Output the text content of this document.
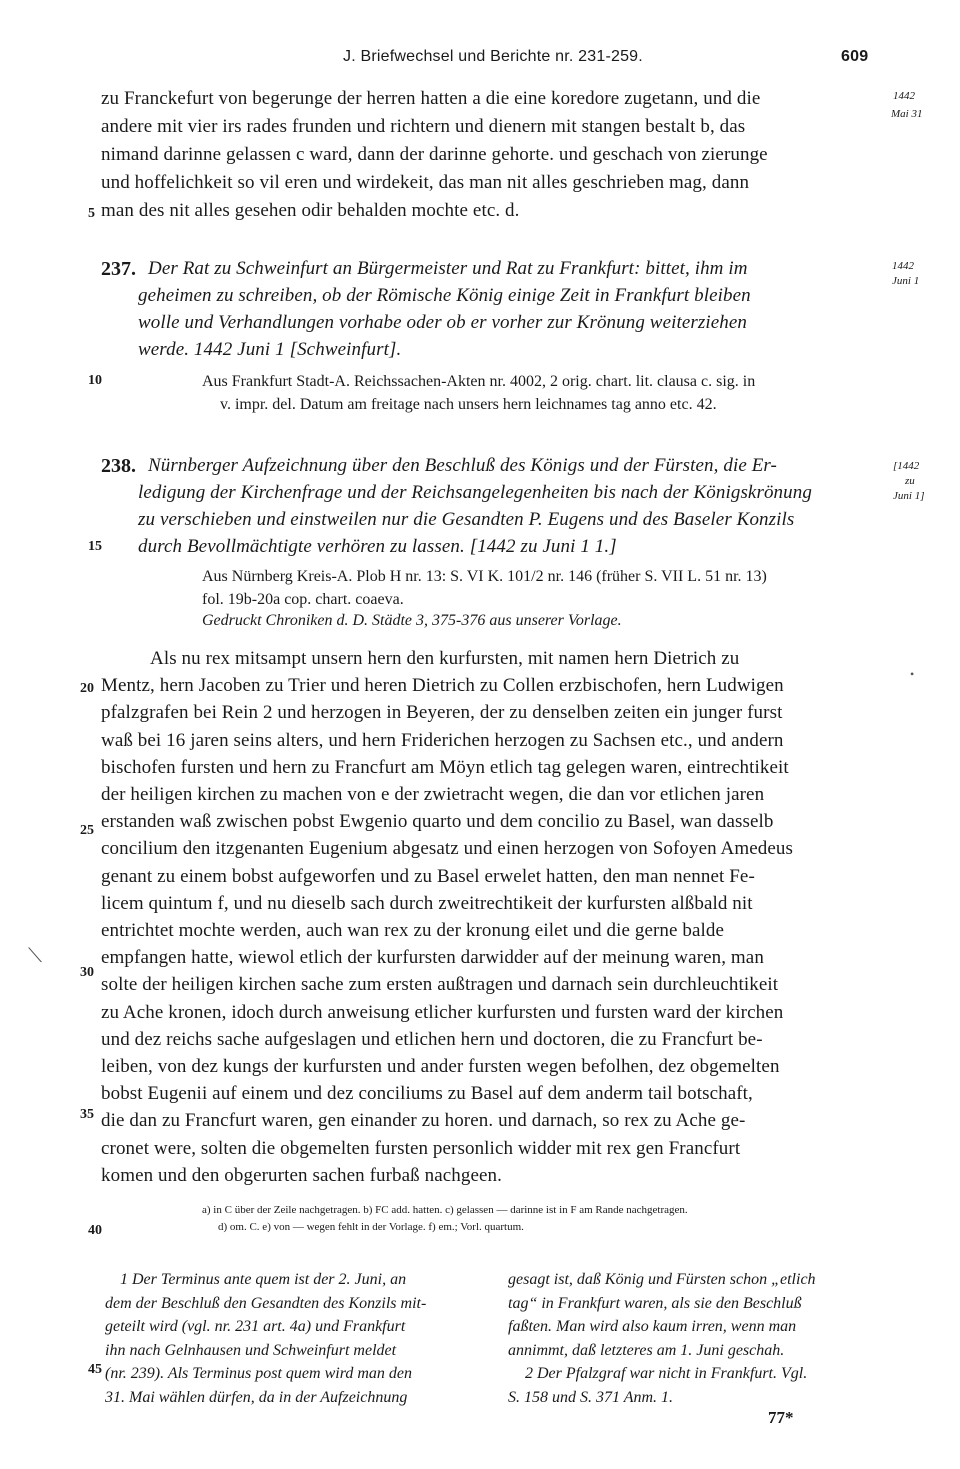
J. Briefwechsel und Berichte nr. 231-259.	609
1442
Mai 31
1442
Juni 1
[1442
zu
Juni 1]
5
10
15
20
25
30
35
40
45
zu Franckefurt von begerunge der herren hatten a die eine koredore zugetann, und die
andere mit vier irs rades frunden und richtern und dienern mit stangen bestalt b, das
nimand darinne gelassen c ward, dann der darinne gehorte. und geschach von zierunge
und hoffelichkeit so vil eren und wirdekeit, das man nit alles geschrieben mag, dann
man des nit alles gesehen odir behalden mochte etc. d.
237. Der Rat zu Schweinfurt an Bürgermeister und Rat zu Frankfurt: bittet, ihm im
geheimen zu schreiben, ob der Römische König einige Zeit in Frankfurt bleiben
wolle und Verhandlungen vorhabe oder ob er vorher zur Krönung weiterziehen
werde. 1442 Juni 1 [Schweinfurt].
Aus Frankfurt Stadt-A. Reichssachen-Akten nr. 4002, 2 orig. chart. lit. clausa c. sig. in
v. impr. del. Datum am freitage nach unsers hern leichnames tag anno etc. 42.
238. Nürnberger Aufzeichnung über den Beschluß des Königs und der Fürsten, die Er-
ledigung der Kirchenfrage und der Reichsangelegenheiten bis nach der Königskrönung
zu verschieben und einstweilen nur die Gesandten P. Eugens und des Baseler Konzils
durch Bevollmächtigte verhören zu lassen. [1442 zu Juni 1 1.]
Aus Nürnberg Kreis-A. Plob H nr. 13: S. VI K. 101/2 nr. 146 (früher S. VII L. 51 nr. 13)
fol. 19b-20a cop. chart. coaeva.
Gedruckt Chroniken d. D. Städte 3, 375-376 aus unserer Vorlage.
Als nu rex mitsampt unsern hern den kurfursten, mit namen hern Dietrich zu
Mentz, hern Jacoben zu Trier und heren Dietrich zu Collen erzbischofen, hern Ludwigen
pfalzgrafen bei Rein 2 und herzogen in Beyeren, der zu denselben zeiten ein junger furst
waß bei 16 jaren seins alters, und hern Friderichen herzogen zu Sachsen etc., und andern
bischofen fursten und hern zu Francfurt am Möyn etlich tag gelegen waren, eintrechtikeit
der heiligen kirchen zu machen von e der zwietracht wegen, die dan vor etlichen jaren
erstanden waß zwischen pobst Ewgenio quarto und dem concilio zu Basel, wan dasselb
concilium den itzgenanten Eugenium abgesatz und einen herzogen von Sofoyen Amedeus
genant zu einem bobst aufgeworfen und zu Basel erwelet hatten, den man nennet Fe-
licem quintum f, und nu dieselb sach durch zweitrechtikeit der kurfursten alßbald nit
entrichtet mochte werden, auch wan rex zu der kronung eilet und die gerne balde
empfangen hatte, wiewol etlich der kurfursten darwidder auf der meinung waren, man
solte der heiligen kirchen sache zum ersten außtragen und darnach sein durchleuchtikeit
zu Ache kronen, idoch durch anweisung etlicher kurfursten und fursten ward der kirchen
und dez reichs sache aufgeslagen und etlichen hern und doctoren, die zu Francfurt be-
leiben, von dez kungs der kurfursten und ander fursten wegen befolhen, dez obgemelten
bobst Eugenii auf einem und dez conciliums zu Basel auf dem anderm tail botschaft,
die dan zu Francfurt waren, gen einander zu horen. und darnach, so rex zu Ache ge-
cronet were, solten die obgemelten fursten personlich widder mit rex gen Francfurt
komen und den obgerurten sachen furbaß nachgeen.
⟍
•
a) in C über der Zeile nachgetragen. b) FC add. hatten. c) gelassen — darinne ist in F am Rande nachgetragen.
d) om. C. e) von — wegen fehlt in der Vorlage. f) em.; Vorl. quartum.
1 Der Terminus ante quem ist der 2. Juni, an
dem der Beschluß den Gesandten des Konzils mit-
geteilt wird (vgl. nr. 231 art. 4a) und Frankfurt
ihn nach Gelnhausen und Schweinfurt meldet
(nr. 239). Als Terminus post quem wird man den
31. Mai wählen dürfen, da in der Aufzeichnung
gesagt ist, daß König und Fürsten schon „etlich
tag“ in Frankfurt waren, als sie den Beschluß
faßten. Man wird also kaum irren, wenn man
annimmt, daß letzteres am 1. Juni geschah.
2 Der Pfalzgraf war nicht in Frankfurt. Vgl.
S. 158 und S. 371 Anm. 1.
77*
